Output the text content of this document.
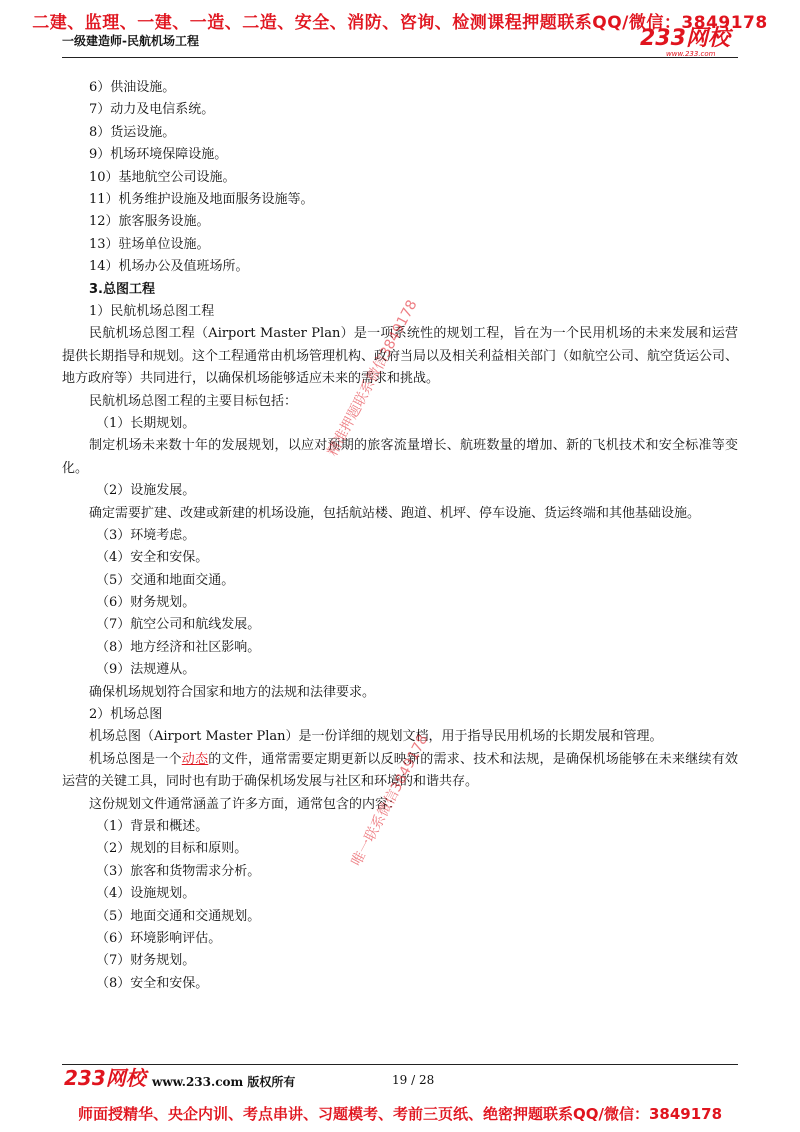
二建、监理、一建、一造、二造、安全、消防、咨询、检测课程押题联系QQ/微信：3849178
一级建造师-民航机场工程	233网校
www.233.com
6）供油设施。
7）动力及电信系统。
8）货运设施。
9）机场环境保障设施。
10）基地航空公司设施。
11）机务维护设施及地面服务设施等。
12）旅客服务设施。
13）驻场单位设施。
14）机场办公及值班场所。
3.总图工程
1）民航机场总图工程
民航机场总图工程（Airport Master Plan）是一项系统性的规划工程，旨在为一个民用机场的未来发展和运营提供长期指导和规划。这个工程通常由机场管理机构、政府当局以及相关利益相关部门（如航空公司、航空货运公司、地方政府等）共同进行，以确保机场能够适应未来的需求和挑战。
民航机场总图工程的主要目标包括：
（1）长期规划。
制定机场未来数十年的发展规划，以应对预期的旅客流量增长、航班数量的增加、新的飞机技术和安全标准等变化。
（2）设施发展。
确定需要扩建、改建或新建的机场设施，包括航站楼、跑道、机坪、停车设施、货运终端和其他基础设施。
（3）环境考虑。
（4）安全和安保。
（5）交通和地面交通。
（6）财务规划。
（7）航空公司和航线发展。
（8）地方经济和社区影响。
（9）法规遵从。
确保机场规划符合国家和地方的法规和法律要求。
2）机场总图
机场总图（Airport Master Plan）是一份详细的规划文档，用于指导民用机场的长期发展和管理。
机场总图是一个动态的文件，通常需要定期更新以反映新的需求、技术和法规，是确保机场能够在未来继续有效运营的关键工具，同时也有助于确保机场发展与社区和环境的和谐共存。
这份规划文件通常涵盖了许多方面，通常包含的内容：
（1）背景和概述。
（2）规划的目标和原则。
（3）旅客和货物需求分析。
（4）设施规划。
（5）地面交通和交通规划。
（6）环境影响评估。
（7）财务规划。
（8）安全和安保。
精准押题联系微信3849178
唯一联系微信3849178
233网校 www.233.com 版权所有	19 / 28
师面授精华、央企内训、考点串讲、习题模考、考前三页纸、绝密押题联系QQ/微信：3849178
